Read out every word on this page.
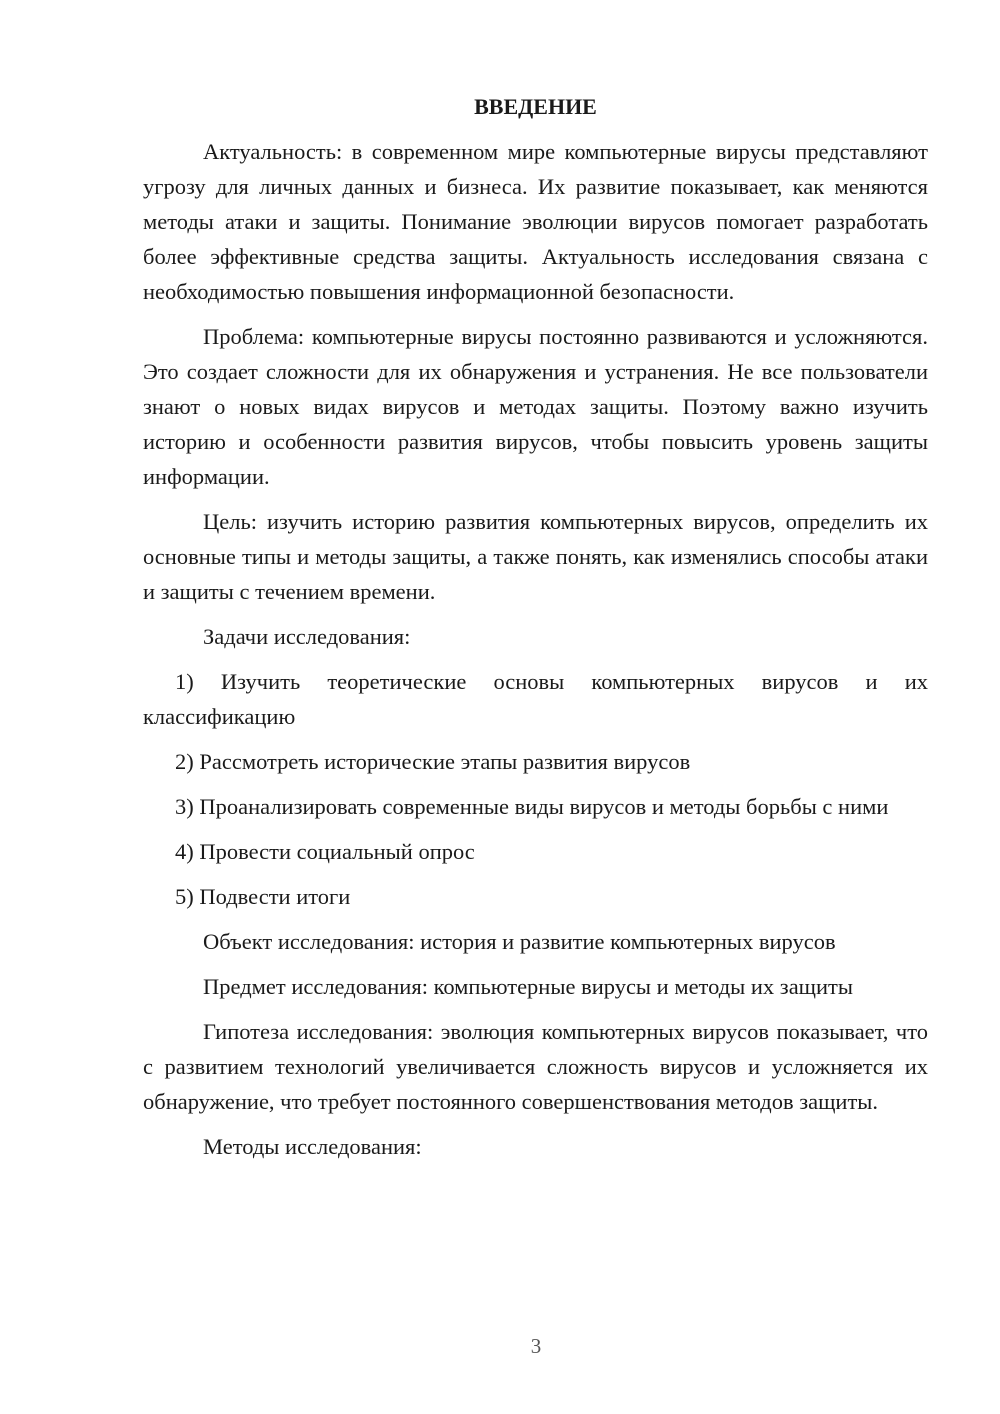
ВВЕДЕНИЕ

Актуальность: в современном мире компьютерные вирусы представляют угрозу для личных данных и бизнеса. Их развитие показывает, как меняются методы атаки и защиты. Понимание эволюции вирусов помогает разработать более эффективные средства защиты. Актуальность исследования связана с необходимостью повышения информационной безопасности.

Проблема: компьютерные вирусы постоянно развиваются и усложняются. Это создает сложности для их обнаружения и устранения. Не все пользователи знают о новых видах вирусов и методах защиты. Поэтому важно изучить историю и особенности развития вирусов, чтобы повысить уровень защиты информации.

Цель: изучить историю развития компьютерных вирусов, определить их основные типы и методы защиты, а также понять, как изменялись способы атаки и защиты с течением времени.

Задачи исследования:

1) Изучить теоретические основы компьютерных вирусов и их классификацию

2) Рассмотреть исторические этапы развития вирусов

3) Проанализировать современные виды вирусов и методы борьбы с ними

4) Провести социальный опрос

5) Подвести итоги

Объект исследования: история и развитие компьютерных вирусов

Предмет исследования: компьютерные вирусы и методы их защиты

Гипотеза исследования: эволюция компьютерных вирусов показывает, что с развитием технологий увеличивается сложность вирусов и усложняется их обнаружение, что требует постоянного совершенствования методов защиты.

Методы исследования:

3
